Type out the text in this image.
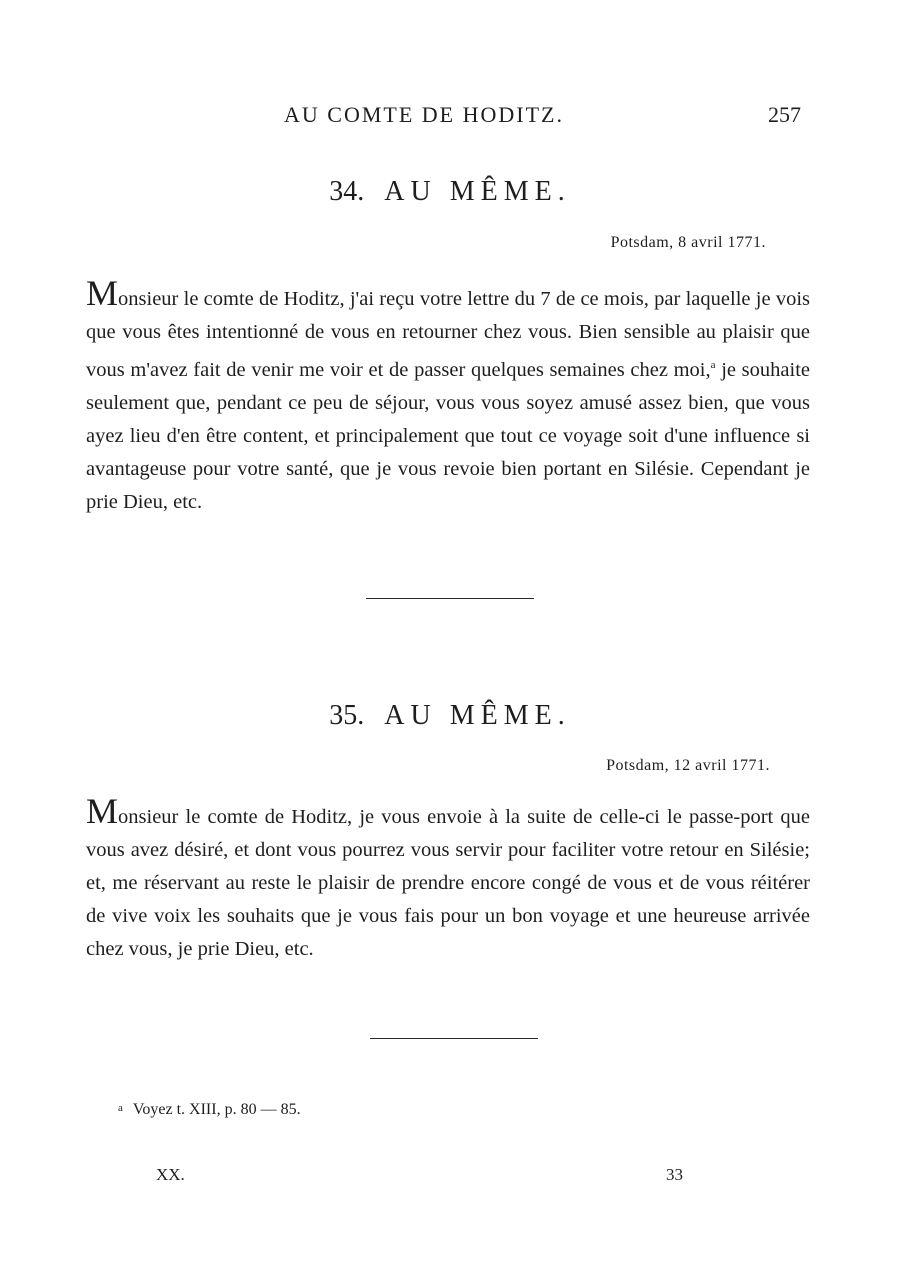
AU COMTE DE HODITZ.	257
34. AU MÊME.
Potsdam, 8 avril 1771.
Monsieur le comte de Hoditz, j'ai reçu votre lettre du 7 de ce mois, par laquelle je vois que vous êtes intentionné de vous en retourner chez vous. Bien sensible au plaisir que vous m'avez fait de venir me voir et de passer quelques semaines chez moi,$^a$ je souhaite seulement que, pendant ce peu de séjour, vous vous soyez amusé assez bien, que vous ayez lieu d'en être content, et principalement que tout ce voyage soit d'une influence si avantageuse pour votre santé, que je vous revoie bien portant en Silésie. Cependant je prie Dieu, etc.
35. AU MÊME.
Potsdam, 12 avril 1771.
Monsieur le comte de Hoditz, je vous envoie à la suite de celle-ci le passe-port que vous avez désiré, et dont vous pourrez vous servir pour faciliter votre retour en Silésie; et, me réservant au reste le plaisir de prendre encore congé de vous et de vous réitérer de vive voix les souhaits que je vous fais pour un bon voyage et une heureuse arrivée chez vous, je prie Dieu, etc.
a Voyez t. XIII, p. 80 — 85.
XX.	33
